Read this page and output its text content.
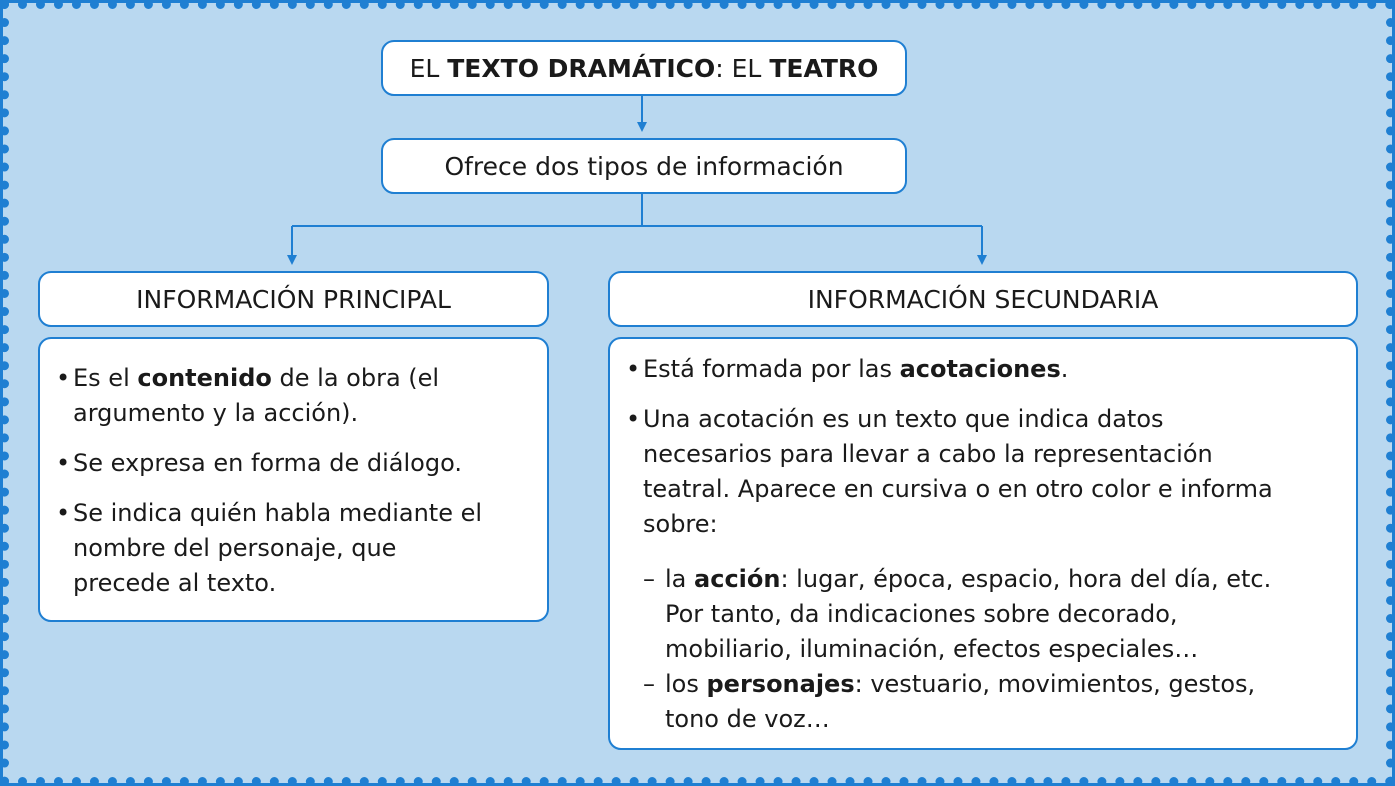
EL TEXTO DRAMÁTICO: EL TEATRO
Ofrece dos tipos de información
INFORMACIÓN PRINCIPAL	INFORMACIÓN SECUNDARIA
• Es el contenido de la obra (el argumento y la acción).
• Se expresa en forma de diálogo.
• Se indica quién habla mediante el nombre del personaje, que precede al texto.
• Está formada por las acotaciones.
• Una acotación es un texto que indica datos necesarios para llevar a cabo la representación teatral. Aparece en cursiva o en otro color e informa sobre:
– la acción: lugar, época, espacio, hora del día, etc. Por tanto, da indicaciones sobre decorado, mobiliario, iluminación, efectos especiales…
– los personajes: vestuario, movimientos, gestos, tono de voz…
